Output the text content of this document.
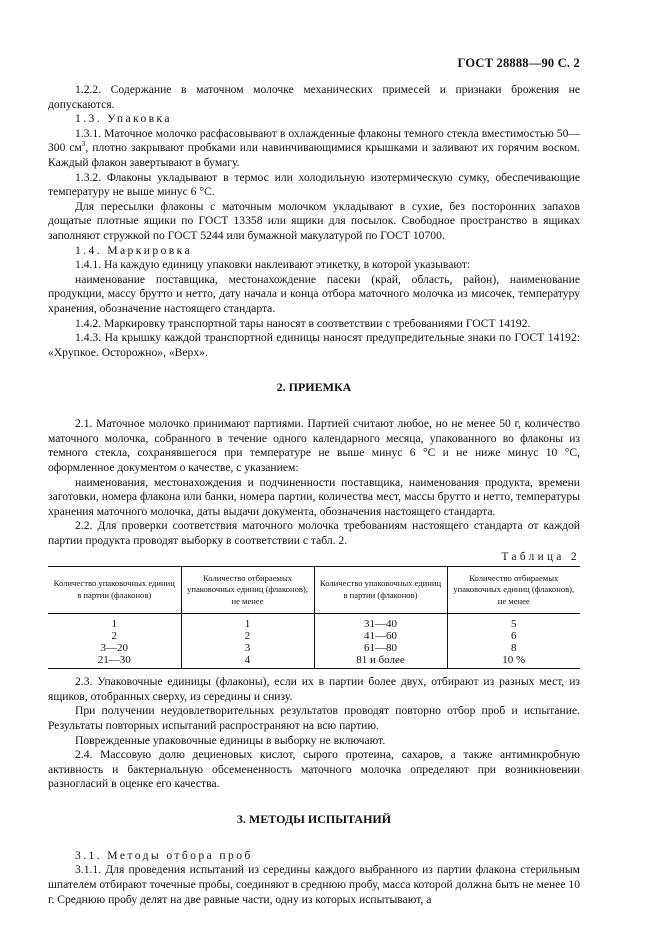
ГОСТ 28888—90 С. 2

1.2.2. Содержание в маточном молочке механических примесей и признаки брожения не допускаются.

1.3. Упаковка

1.3.1. Маточное молочко расфасовывают в охлажденные флаконы темного стекла вместимостью 50—300 $см^3$, плотно закрывают пробками или навинчивающимися крышками и заливают их горячим воском. Каждый флакон завертывают в бумагу.

1.3.2. Флаконы укладывают в термос или холодильную изотермическую сумку, обеспечивающие температуру не выше минус 6 °С.

Для пересылки флаконы с маточным молочком укладывают в сухие, без посторонних запахов дощатые плотные ящики по ГОСТ 13358 или ящики для посылок. Свободное пространство в ящиках заполняют стружкой по ГОСТ 5244 или бумажной макулатурой по ГОСТ 10700.

1.4. Маркировка

1.4.1. На каждую единицу упаковки наклеивают этикетку, в которой указывают:

наименование поставщика, местонахождение пасеки (край, область, район), наименование продукции, массу брутто и нетто, дату начала и конца отбора маточного молочка из мисочек, температуру хранения, обозначение настоящего стандарта.

1.4.2. Маркировку транспортной тары наносят в соответствии с требованиями ГОСТ 14192.

1.4.3. На крышку каждой транспортной единицы наносят предупредительные знаки по ГОСТ 14192: «Хрупкое. Осторожно», «Верх».

2. ПРИЕМКА

2.1. Маточное молочко принимают партиями. Партией считают любое, но не менее 50 г, количество маточного молочка, собранного в течение одного календарного месяца, упакованного во флаконы из темного стекла, сохранявшегося при температуре не выше минус 6 °С и не ниже минус 10 °С, оформленное документом о качестве, с указанием:

наименования, местонахождения и подчиненности поставщика, наименования продукта, времени заготовки, номера флакона или банки, номера партии, количества мест, массы брутто и нетто, температуры хранения маточного молочка, даты выдачи документа, обозначения настоящего стандарта.

2.2. Для проверки соответствия маточного молочка требованиям настоящего стандарта от каждой партии продукта проводят выборку в соответствии с табл. 2.

Таблица 2
Количество упаковочных единиц в партии (флаконов)	Количество отбираемых упаковочных единиц (флаконов), не менее	Количество упаковочных единиц в партии (флаконов)	Количество отбираемых упаковочных единиц (флаконов), не менее
1	1	31—40	5
2	2	41—60	6
3—20	3	61—80	8
21—30	4	81 и более	10 %

2.3. Упаковочные единицы (флаконы), если их в партии более двух, отбирают из разных мест, из ящиков, отобранных сверху, из середины и снизу.

При получении неудовлетворительных результатов проводят повторно отбор проб и испытание. Результаты повторных испытаний распространяют на всю партию.

Поврежденные упаковочные единицы в выборку не включают.

2.4. Массовую долю дециеновых кислот, сырого протеина, сахаров, а также антимикробную активность и бактериальную обсемененность маточного молочка определяют при возникновении разногласий в оценке его качества.

3. МЕТОДЫ ИСПЫТАНИЙ

3.1. Методы отбора проб

3.1.1. Для проведения испытаний из середины каждого выбранного из партии флакона стерильным шпателем отбирают точечные пробы, соединяют в среднюю пробу, масса которой должна быть не менее 10 г. Среднюю пробу делят на две равные части, одну из которых испытывают, а
